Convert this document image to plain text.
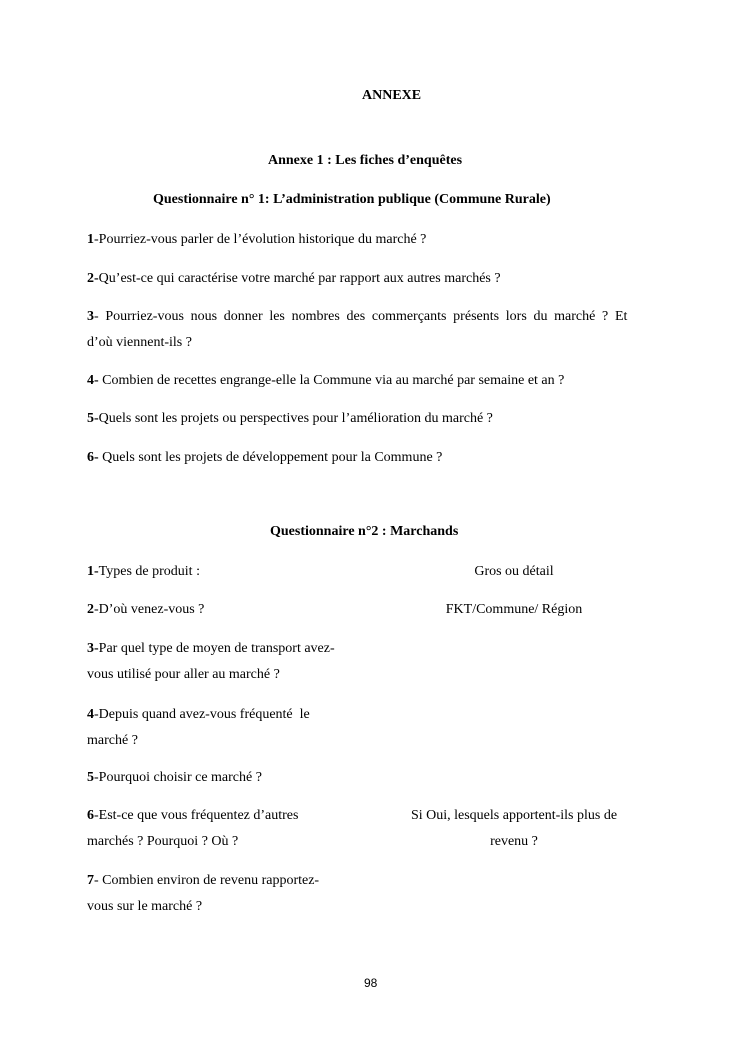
ANNEXE
Annexe 1 : Les fiches d’enquêtes
Questionnaire n° 1: L’administration publique (Commune Rurale)
1-Pourriez-vous parler de l’évolution historique du marché ?
2-Qu’est-ce qui caractérise votre marché par rapport aux autres marchés ?
3- Pourriez-vous nous donner les nombres des commerçants présents lors du marché ? Et
d’où viennent-ils ?
4- Combien de recettes engrange-elle la Commune via au marché par semaine et an ?
5-Quels sont les projets ou perspectives pour l’amélioration du marché ?
6- Quels sont les projets de développement pour la Commune ?
Questionnaire n°2 : Marchands
1-Types de produit :	Gros ou détail
2-D’où venez-vous ?	FKT/Commune/ Région
3-Par quel type de moyen de transport avez-
vous utilisé pour aller au marché ?
4-Depuis quand avez-vous fréquenté  le
marché ?
5-Pourquoi choisir ce marché ?
6-Est-ce que vous fréquentez d’autres
marchés ? Pourquoi ? Où ?
Si Oui, lesquels apportent-ils plus de
revenu ?
7- Combien environ de revenu rapportez-
vous sur le marché ?
98
